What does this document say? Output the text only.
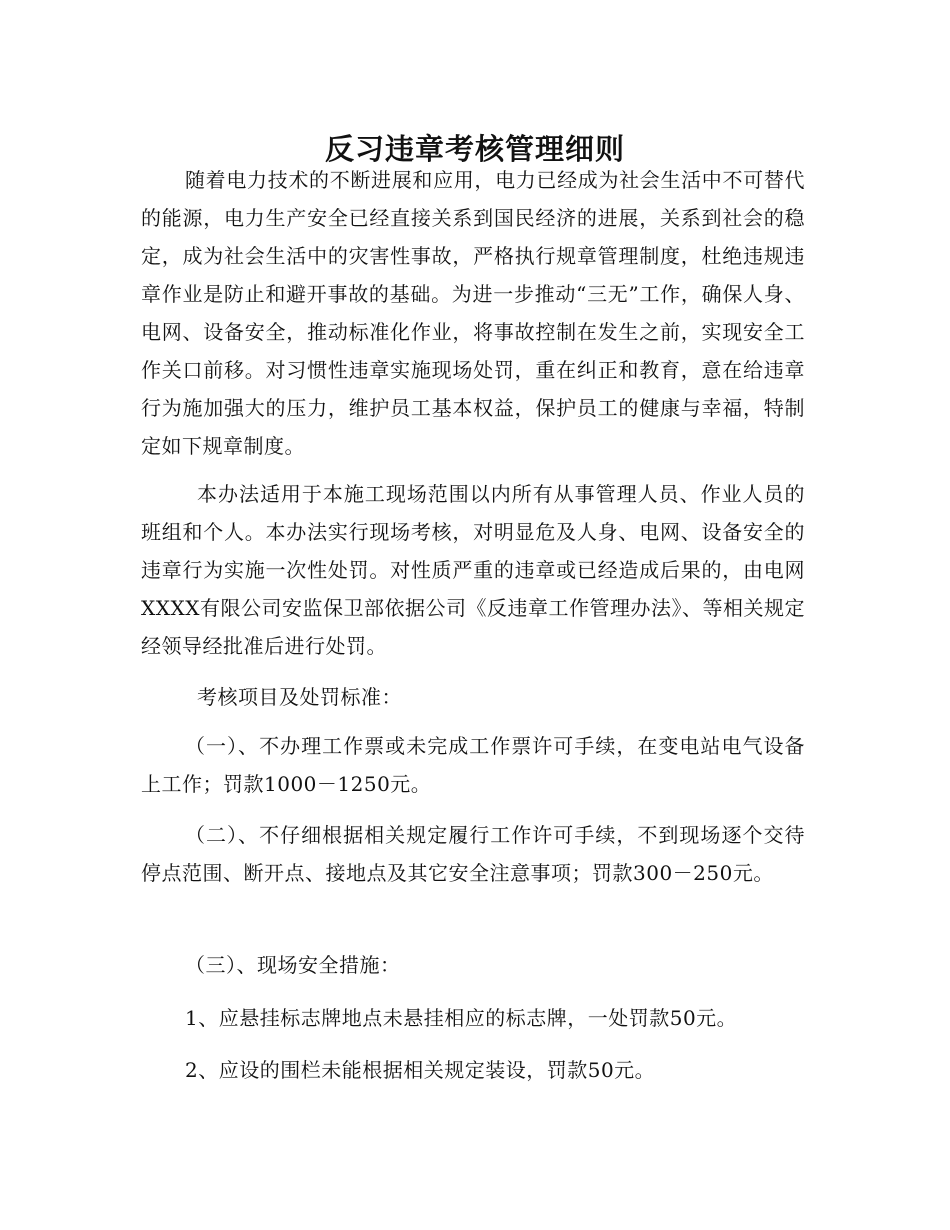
反习违章考核管理细则

随着电力技术的不断进展和应用，电力已经成为社会生活中不可替代的能源，电力生产安全已经直接关系到国民经济的进展，关系到社会的稳定，成为社会生活中的灾害性事故，严格执行规章管理制度，杜绝违规违章作业是防止和避开事故的基础。为进一步推动“三无”工作，确保人身、电网、设备安全，推动标准化作业，将事故控制在发生之前，实现安全工作关口前移。对习惯性违章实施现场处罚，重在纠正和教育，意在给违章行为施加强大的压力，维护员工基本权益，保护员工的健康与幸福，特制定如下规章制度。

本办法适用于本施工现场范围以内所有从事管理人员、作业人员的班组和个人。本办法实行现场考核，对明显危及人身、电网、设备安全的违章行为实施一次性处罚。对性质严重的违章或已经造成后果的，由电网XXXX有限公司安监保卫部依据公司《反违章工作管理办法》、等相关规定经领导经批准后进行处罚。

考核项目及处罚标准：

（一）、不办理工作票或未完成工作票许可手续，在变电站电气设备上工作；罚款1000－1250元。

（二）、不仔细根据相关规定履行工作许可手续，不到现场逐个交待停点范围、断开点、接地点及其它安全注意事项；罚款300－250元。

（三）、现场安全措施：

1、应悬挂标志牌地点未悬挂相应的标志牌，一处罚款50元。

2、应设的围栏未能根据相关规定装设，罚款50元。
